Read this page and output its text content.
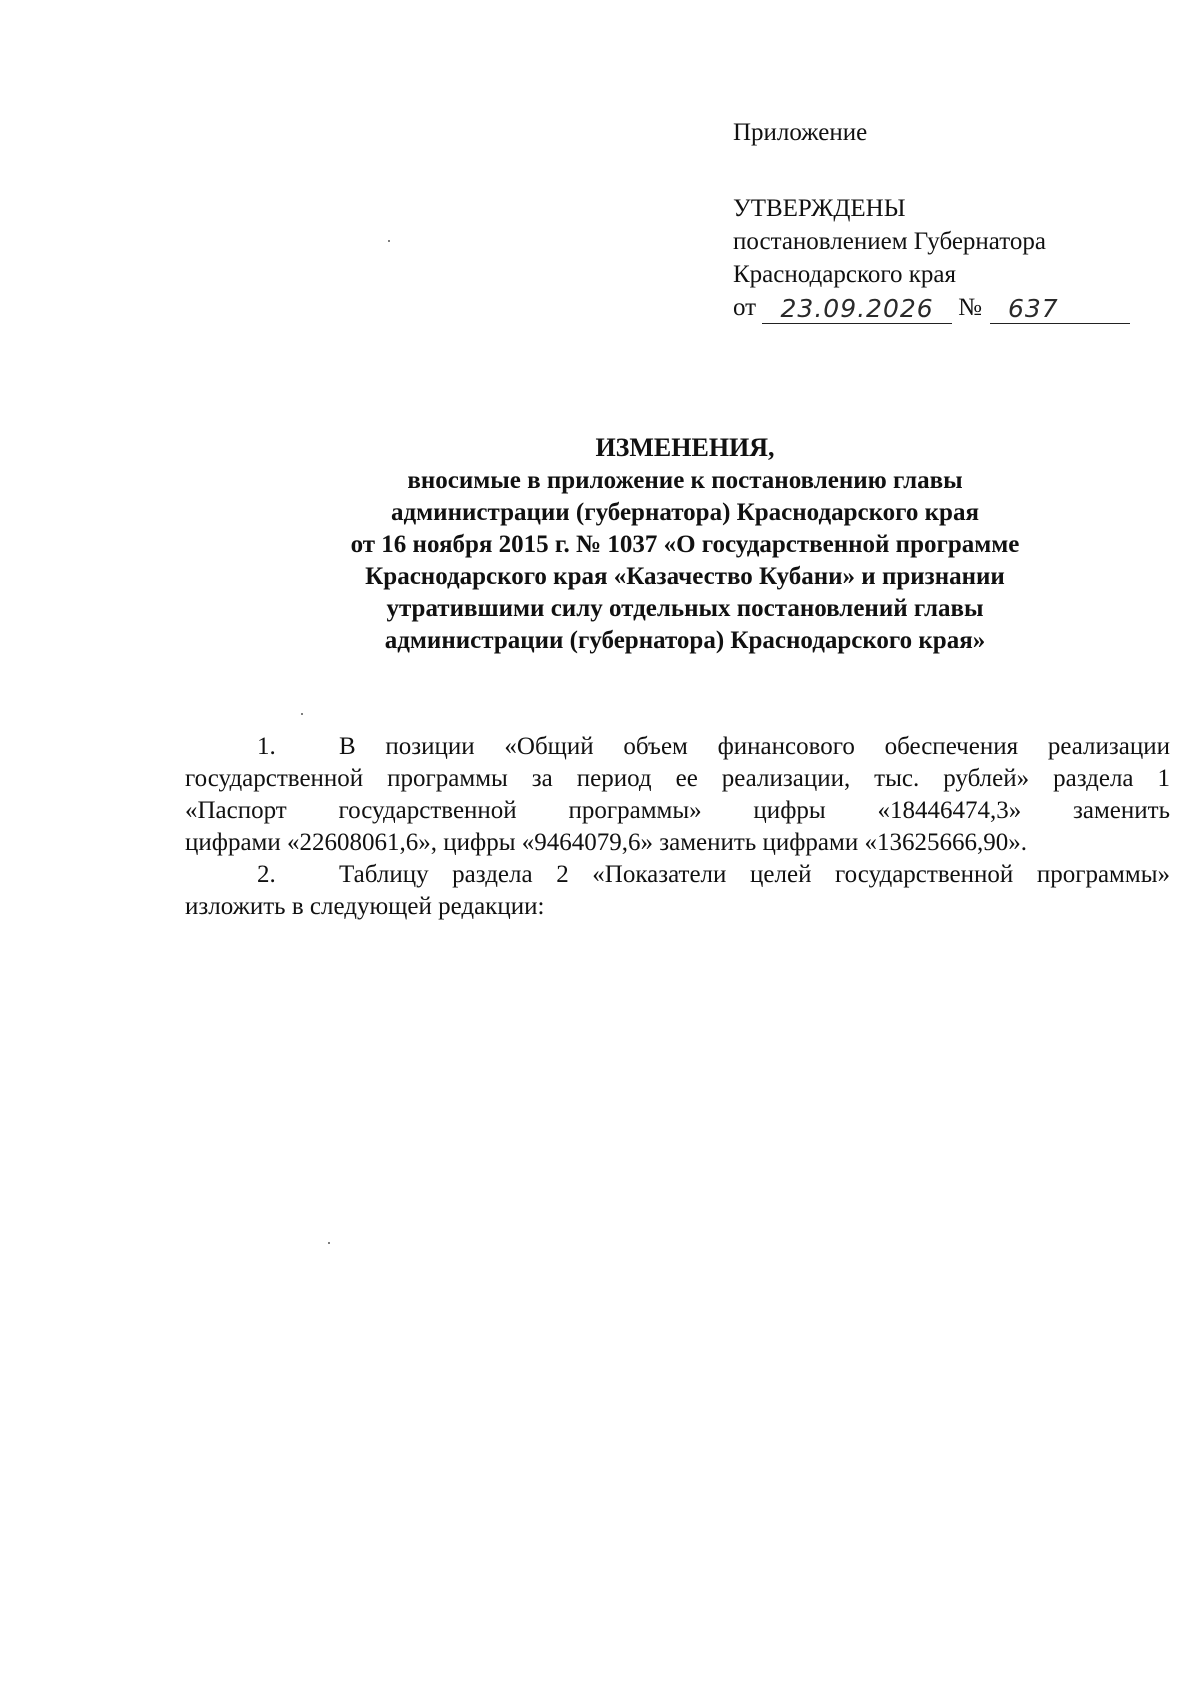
Приложение
УТВЕРЖДЕНЫ
постановлением Губернатора
Краснодарского края
от 23.09.2026 №	637
ИЗМЕНЕНИЯ,
вносимые в приложение к постановлению главы
администрации (губернатора) Краснодарского края
от 16 ноября 2015 г. № 1037 «О государственной программе
Краснодарского края «Казачество Кубани» и признании
утратившими силу отдельных постановлений главы
администрации (губернатора) Краснодарского края»
1.	В позиции «Общий объем финансового обеспечения реализации
государственной программы за период ее реализации, тыс. рублей» раздела 1
«Паспорт государственной программы» цифры «18446474,3» заменить
цифрами «22608061,6», цифры «9464079,6» заменить цифрами «13625666,90».
2.	Таблицу раздела 2 «Показатели целей государственной программы»
изложить в следующей редакции:
